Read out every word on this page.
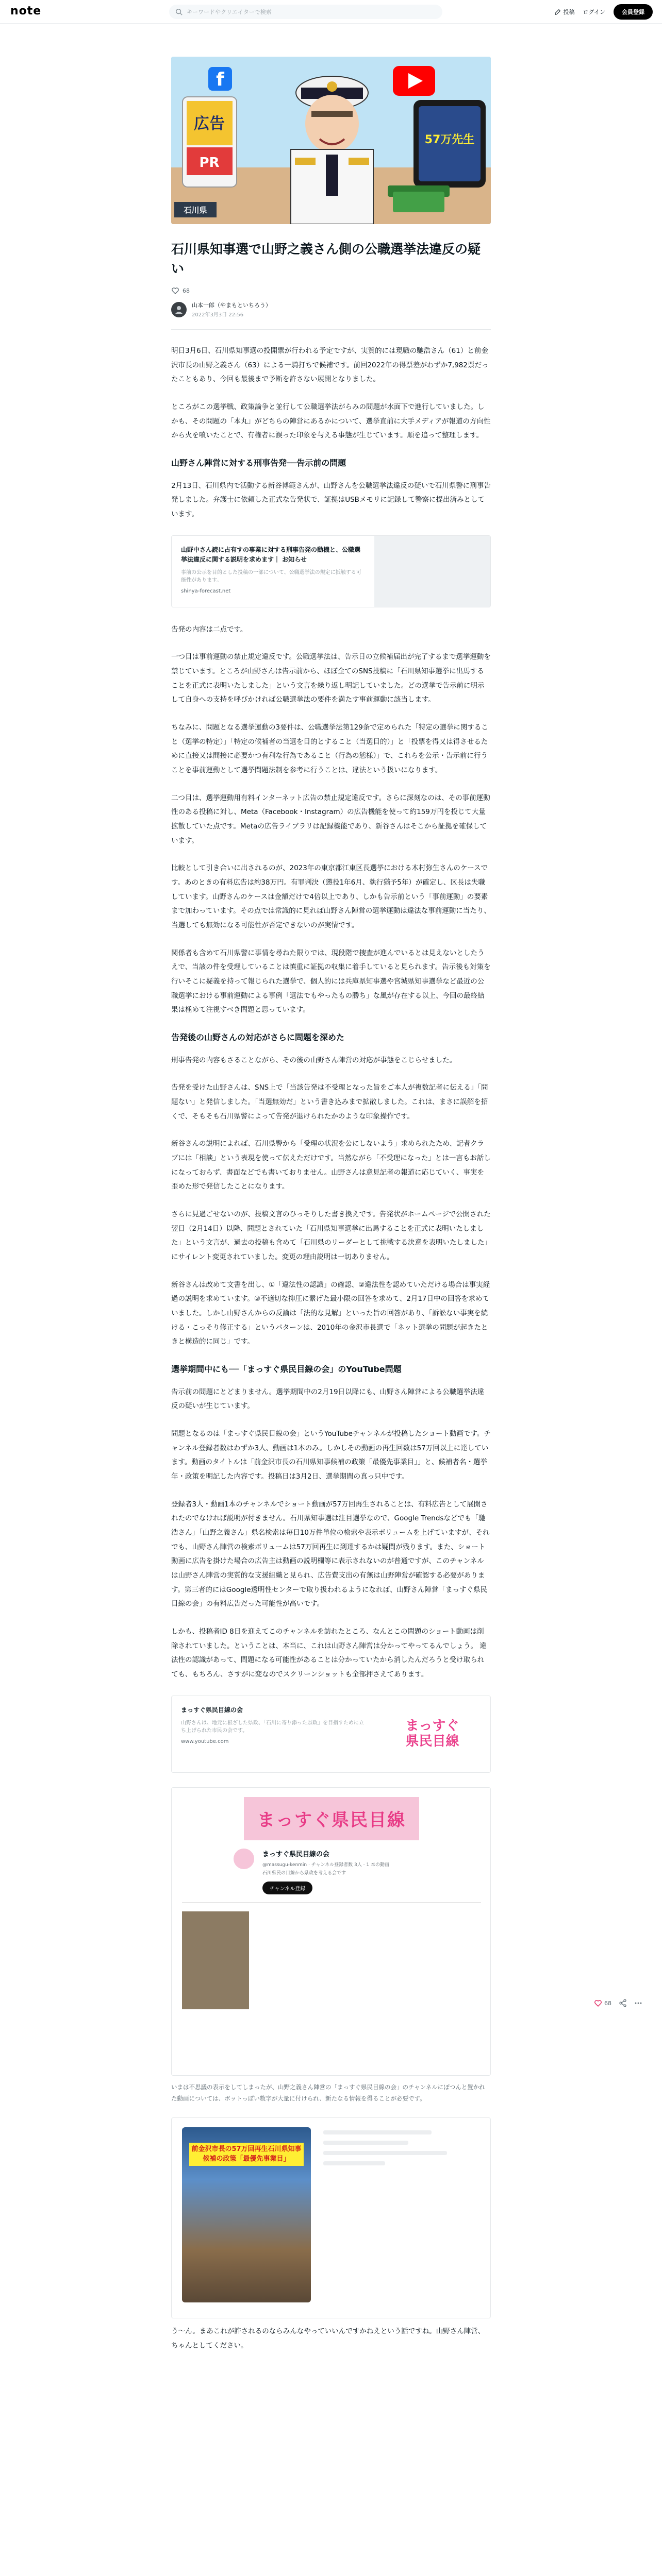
note
キーワードやクリエイターで検索	投稿 ログイン	会員登録
広告
PR
f
石川県
57万先生
石川県知事選で山野之義さん側の公職選挙法違反の疑い
68
山本一郎（やまもといちろう）
2022年3月3日 22:56

明日3月6日、石川県知事選の投開票が行われる予定ですが、実質的には現職の馳浩さん（61）と前金沢市長の山野之義さん（63）による一騎打ちで候補です。前回2022年の得票差がわずか7,982票だったこともあり、今回も最後まで予断を許さない展開となりました。

ところがこの選挙戦、政策論争と並行して公職選挙法がらみの問題が水面下で進行していました。しかも、その問題の「本丸」がどちらの陣営にあるかについて、選挙直前に大手メディアが報道の方向性から火を噴いたことで、有権者に誤った印象を与える事態が生じています。順を追って整理します。

山野さん陣営に対する刑事告発──告示前の問題

2月13日、石川県内で活動する新谷博範さんが、山野さんを公職選挙法違反の疑いで石川県警に刑事告発しました。弁護士に依頼した正式な告発状で、証拠はUSBメモリに記録して警察に提出済みとしています。

山野中さん読に占有すの事業に対する刑事告発の動機と、公職選挙法違反に関する説明を求めます｜ お知らせ
事前の公示を目的とした投稿の一部について、公職選挙法の規定に抵触する可能性があります。
shinya-forecast.net

告発の内容は二点です。

一つ目は事前運動の禁止規定違反です。公職選挙法は、告示日の立候補届出が完了するまで選挙運動を禁じています。ところが山野さんは告示前から、ほぼ全てのSNS投稿に「石川県知事選挙に出馬することを正式に表明いたしました」という文言を繰り返し明記していました。どの選挙で告示前に明示して自身への支持を呼びかければ公職選挙法の要件を満たす事前運動に該当します。

ちなみに、問題となる選挙運動の3要件は、公職選挙法第129条で定められた「特定の選挙に関すること（選挙の特定）」「特定の候補者の当選を目的とすること（当選目的）」と「投票を得又は得させるために直接又は間接に必要かつ有利な行為であること（行為の態様）」で、これらを公示・告示前に行うことを事前運動として選挙問題法制を参考に行うことは、違法という扱いになります。

二つ目は、選挙運動用有料インターネット広告の禁止規定違反です。さらに深刻なのは、その事前運動性のある投稿に対し、Meta（Facebook・Instagram）の広告機能を使って約159万円を投じて大量拡散していた点です。Metaの広告ライブラリは記録機能であり、新谷さんはそこから証拠を確保しています。

比較として引き合いに出されるのが、2023年の東京都江東区長選挙における木村弥生さんのケースです。あのときの有料広告は約38万円。有罪判決（懲役1年6月、執行猶予5年）が確定し、区長は失職しています。山野さんのケースは金額だけで4倍以上であり、しかも告示前という「事前運動」の要素まで加わっています。その点では常識的に見れば山野さん陣営の選挙運動は違法な事前運動に当たり、当選しても無効になる可能性が否定できないのが実情です。

関係者も含めて石川県警に事情を尋ねた限りでは、現段階で捜査が進んでいるとは見えないとしたうえで、当該の件を受理していることは慎重に証拠の収集に着手していると見られます。告示後も対策を行いそこに疑義を持って報じられた選挙で、個人的には兵庫県知事選や宮城県知事選挙など最近の公職選挙における事前運動による事例「選法でもやったもの勝ち」な風が存在する以上、今回の最終結果は極めて注視すべき問題と思っています。

告発後の山野さんの対応がさらに問題を深めた

刑事告発の内容もさることながら、その後の山野さん陣営の対応が事態をこじらせました。

告発を受けた山野さんは、SNS上で「当該告発は不受理となった旨をご本人が複数記者に伝える」「問題ない」と発信しました。「当選無効だ」という書き込みまで拡散しました。これは、まさに誤解を招くで、そもそも石川県警によって告発が退けられたかのような印象操作です。

新谷さんの説明によれば、石川県警から「受理の状況を公にしないよう」求められたため、記者クラブには「相談」という表現を使って伝えただけです。当然ながら「不受理になった」とは一言もお話しになっておらず、書面などでも書いておりません。山野さんは意見記者の報道に応じていく、事実を歪めた形で発信したことになります。

さらに見過ごせないのが、投稿文言のひっそりした書き換えです。告発状がホームページで公開された翌日（2月14日）以降、問題とされていた「石川県知事選挙に出馬することを正式に表明いたしました」という文言が、過去の投稿も含めて「石川県のリーダーとして挑戦する決意を表明いたしました」にサイレント変更されていました。変更の理由説明は一切ありません。

新谷さんは改めて文書を出し、①「違法性の認識」の確認、②違法性を認めていただける場合は事実経過の説明を求めています。③不適切な抑圧に繋げた最小限の回答を求めて、2月17日中の回答を求めていました。しかし山野さんからの反論は「法的な見解」といった旨の回答があり、「訴訟ない事実を続ける・こっそり修正する」というパターンは、2010年の金沢市長選で「ネット選挙の問題が起きたときと構造的に同じ」です。

選挙期間中にも──「まっすぐ県民目線の会」のYouTube問題

告示前の問題にとどまりません。選挙期間中の2月19日以降にも、山野さん陣営による公職選挙法違反の疑いが生じています。

問題となるのは「まっすぐ県民目線の会」というYouTubeチャンネルが投稿したショート動画です。チャンネル登録者数はわずか3人、動画は1本のみ。しかしその動画の再生回数は57万回以上に達しています。動画のタイトルは「前金沢市長の石川県知事候補の政策「最優先事業目」」と、候補者名・選挙年・政策を明記した内容です。投稿日は3月2日、選挙期間の真っ只中です。

登録者3人・動画1本のチャンネルでショート動画が57万回再生されることは、有料広告として展開されたのでなければ説明が付きません。石川県知事選は注目選挙なので、Google Trendsなどでも「馳浩さん」「山野之義さん」県名検索は毎日10万件単位の検索や表示ボリュームを上げていますが、それでも、山野さん陣営の検索ボリュームは57万回再生に到達するかは疑問が残ります。また、ショート動画に広告を掛けた場合の広告主は動画の説明欄等に表示されないのが普通ですが、このチャンネルは山野さん陣営の実質的な支援組織と見られ、広告費支出の有無は山野陣営が確認する必要があります。第三者的にはGoogle透明性センターで取り扱われるようになれば、山野さん陣営「まっすぐ県民目線の会」の有料広告だった可能性が高いです。

しかも、投稿者ID 8日を迎えてこのチャンネルを訪れたところ、なんとこの問題のショート動画は削除されていました。ということは、本当に、これは山野さん陣営は分かってやってるんでしょう。 違法性の認識があって、問題になる可能性があることは分かっていたから消したんだろうと受け取られても、もちろん、さすがに変なのでスクリーンショットも全部押さえてあります。

まっすぐ県民目線の会
山野さんは、地元に根ざした県政、「石川に寄り添った県政」を目指すために立ち上げられた市民の会です。
www.youtube.com
まっすぐ
県民目線
まっすぐ県民目線
まっすぐ県民目線の会
@massugu-kenmin · チャンネル登録者数 3人 · 1 本の動画
石川県民の目線から県政を考える会です
チャンネル登録

いまは不思議の表示をしてしまったが、山野之義さん陣営の「まっすぐ県民目線の会」のチャンネルにぽつんと置かれた動画については、ボットっぽい数字が大量に付けられ、新たなる情報を得ることが必要です。

前金沢市長の57万回再生石川県知事候補の政策「最優先事業目」

う〜ん。まあこれが許されるのならみんなやっていいんですかねえという話ですね。山野さん陣営、ちゃんとしてください。

68
